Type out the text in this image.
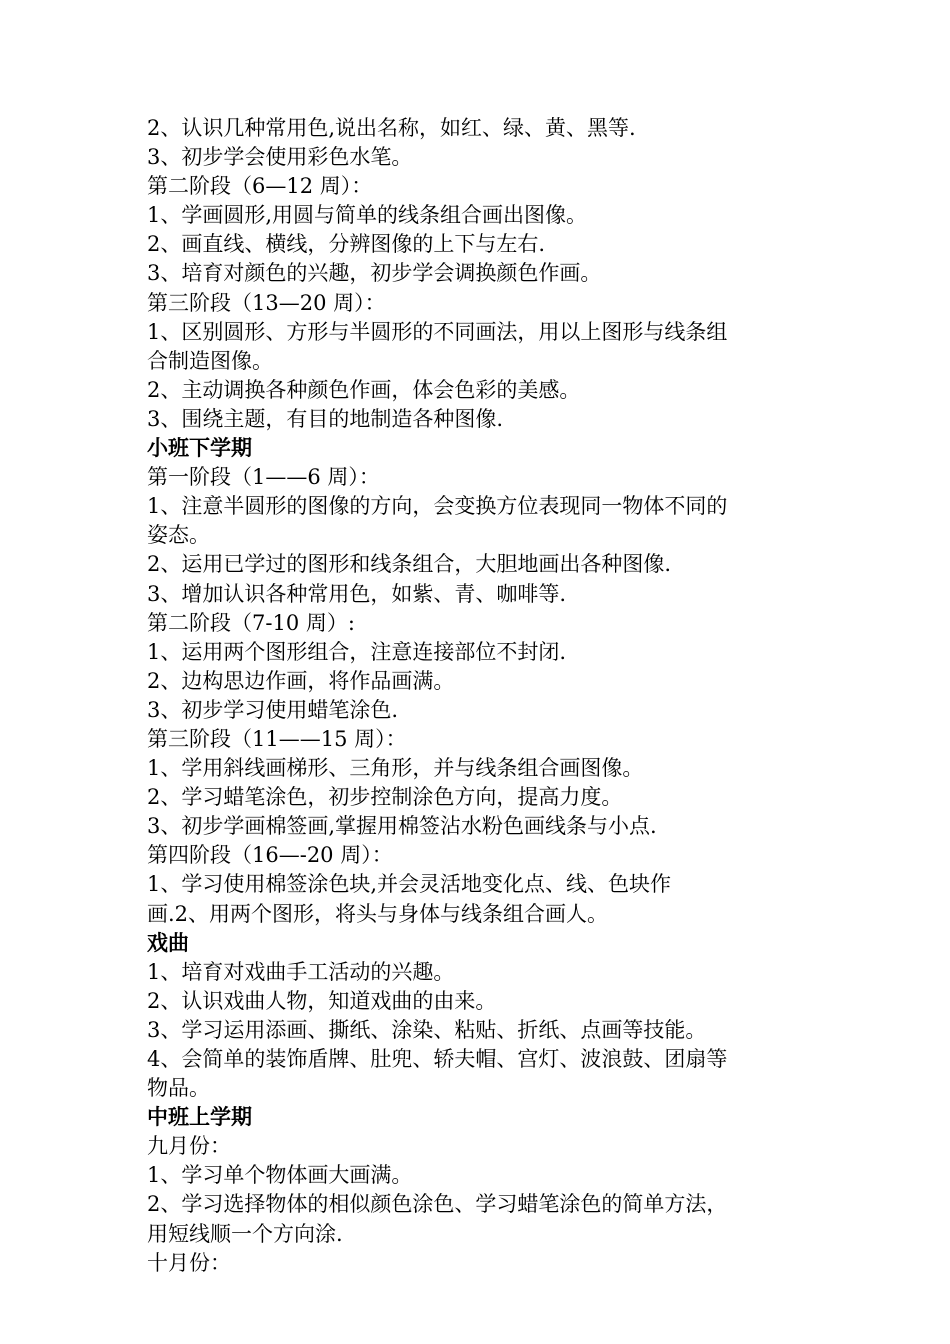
2、认识几种常用色,说出名称，如红、绿、黄、黑等.

3、初步学会使用彩色水笔。

第二阶段（6—12 周）：

1、学画圆形,用圆与简单的线条组合画出图像。

2、画直线、横线，分辨图像的上下与左右.

3、培育对颜色的兴趣，初步学会调换颜色作画。

第三阶段（13—20 周）：

1、区别圆形、方形与半圆形的不同画法，用以上图形与线条组

合制造图像。

2、主动调换各种颜色作画，体会色彩的美感。

3、围绕主题，有目的地制造各种图像.

小班下学期

第一阶段（1——6 周）：

1、注意半圆形的图像的方向，会变换方位表现同一物体不同的

姿态。

2、运用已学过的图形和线条组合，大胆地画出各种图像.

3、增加认识各种常用色，如紫、青、咖啡等.

第二阶段（7-10 周）:

1、运用两个图形组合，注意连接部位不封闭.

2、边构思边作画，将作品画满。

3、初步学习使用蜡笔涂色.

第三阶段（11——15 周）：

1、学用斜线画梯形、三角形，并与线条组合画图像。

2、学习蜡笔涂色，初步控制涂色方向，提高力度。

3、初步学画棉签画,掌握用棉签沾水粉色画线条与小点.

第四阶段（16—-20 周）：

1、学习使用棉签涂色块,并会灵活地变化点、线、色块作

画.2、用两个图形，将头与身体与线条组合画人。

戏曲

1、培育对戏曲手工活动的兴趣。

2、认识戏曲人物，知道戏曲的由来。

3、学习运用添画、撕纸、涂染、粘贴、折纸、点画等技能。

4、会简单的装饰盾牌、肚兜、轿夫帽、宫灯、波浪鼓、团扇等

物品。

中班上学期

九月份：

1、学习单个物体画大画满。

2、学习选择物体的相似颜色涂色、学习蜡笔涂色的简单方法，

用短线顺一个方向涂.

十月份：
